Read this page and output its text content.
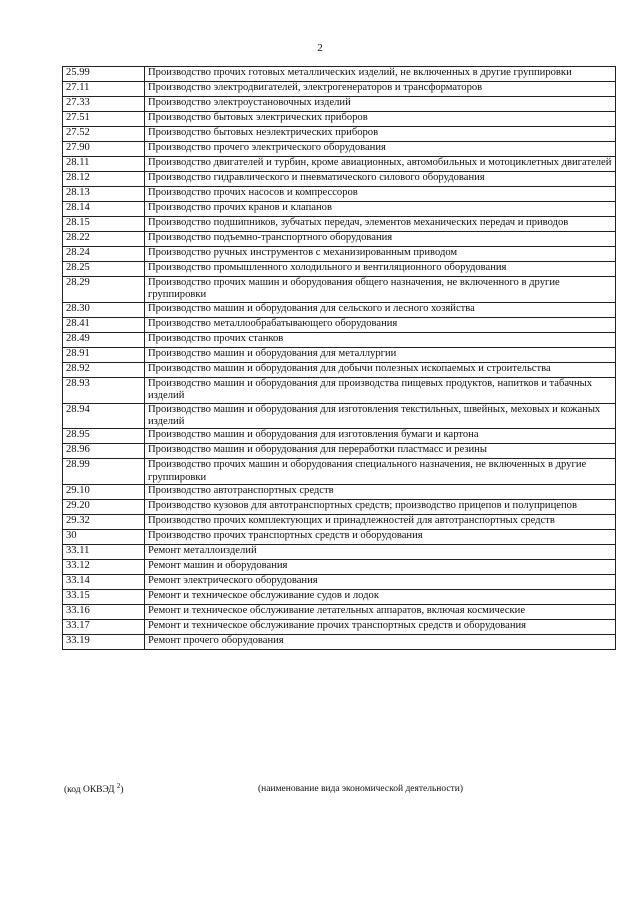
2
25.99	Производство прочих готовых металлических изделий, не включенных в другие группировки
27.11	Производство электродвигателей, электрогенераторов и трансформаторов
27.33	Производство электроустановочных изделий
27.51	Производство бытовых электрических приборов
27.52	Производство бытовых неэлектрических приборов
27.90	Производство прочего электрического оборудования
28.11	Производство двигателей и турбин, кроме авиационных, автомобильных и мотоциклетных двигателей
28.12	Производство гидравлического и пневматического силового оборудования
28.13	Производство прочих насосов и компрессоров
28.14	Производство прочих кранов и клапанов
28.15	Производство подшипников, зубчатых передач, элементов механических передач и приводов
28.22	Производство подъемно-транспортного оборудования
28.24	Производство ручных инструментов с механизированным приводом
28.25	Производство промышленного холодильного и вентиляционного оборудования
28.29	Производство прочих машин и оборудования общего назначения, не включенного в другие группировки
28.30	Производство машин и оборудования для сельского и лесного хозяйства
28.41	Производство металлообрабатывающего оборудования
28.49	Производство прочих станков
28.91	Производство машин и оборудования для металлургии
28.92	Производство машин и оборудования для добычи полезных ископаемых и строительства
28.93	Производство машин и оборудования для производства пищевых продуктов, напитков и табачных изделий
28.94	Производство машин и оборудования для изготовления текстильных, швейных, меховых и кожаных изделий
28.95	Производство машин и оборудования для изготовления бумаги и картона
28.96	Производство машин и оборудования для переработки пластмасс и резины
28.99	Производство прочих машин и оборудования специального назначения, не включенных в другие группировки
29.10	Производство автотранспортных средств
29.20	Производство кузовов для автотранспортных средств; производство прицепов и полуприцепов
29.32	Производство прочих комплектующих и принадлежностей для автотранспортных средств
30	Производство прочих транспортных средств и оборудования
33.11	Ремонт металлоизделий
33.12	Ремонт машин и оборудования
33.14	Ремонт электрического оборудования
33.15	Ремонт и техническое обслуживание судов и лодок
33.16	Ремонт и техническое обслуживание летательных аппаратов, включая космические
33.17	Ремонт и техническое обслуживание прочих транспортных средств и оборудования
33.19	Ремонт прочего оборудования
(код ОКВЭД $^2$)	(наименование вида экономической деятельности)
